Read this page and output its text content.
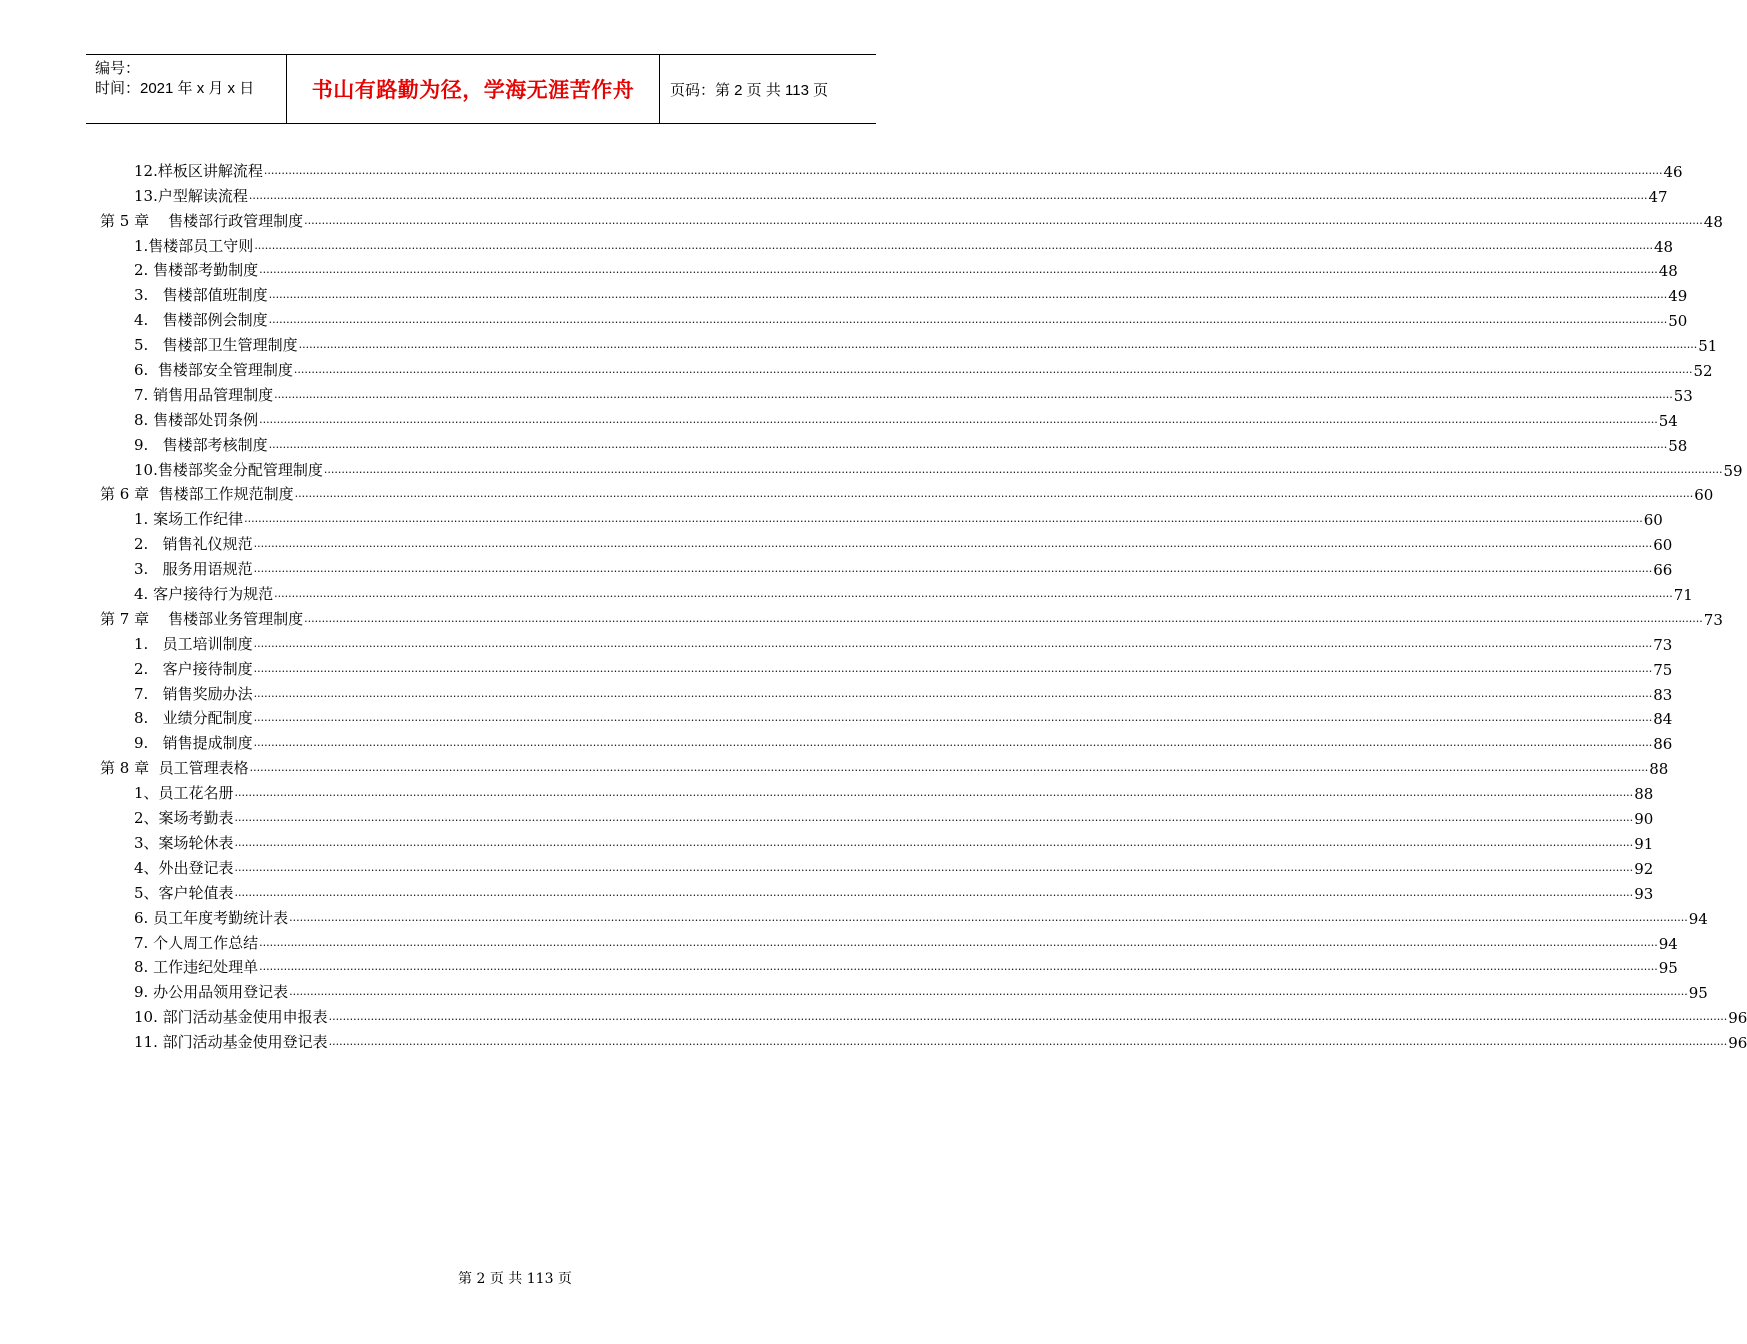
编号：
时间：2021 年 x 月 x 日	书山有路勤为径，学海无涯苦作舟	页码：第 2 页 共 113 页
12.样板区讲解流程 ................................................................................................................................................................................................................................................................................................................................................................................................................ 46
13.户型解读流程 ................................................................................................................................................................................................................................................................................................................................................................................................................ 47
第 5 章    售楼部行政管理制度 ................................................................................................................................................................................................................................................................................................................................................................................................................ 48
1.售楼部员工守则 ................................................................................................................................................................................................................................................................................................................................................................................................................ 48
2. 售楼部考勤制度 ................................................................................................................................................................................................................................................................................................................................................................................................................ 48
3.   售楼部值班制度 ................................................................................................................................................................................................................................................................................................................................................................................................................ 49
4.   售楼部例会制度 ................................................................................................................................................................................................................................................................................................................................................................................................................ 50
5.   售楼部卫生管理制度 ................................................................................................................................................................................................................................................................................................................................................................................................................ 51
6.  售楼部安全管理制度 ................................................................................................................................................................................................................................................................................................................................................................................................................ 52
7. 销售用品管理制度 ................................................................................................................................................................................................................................................................................................................................................................................................................ 53
8. 售楼部处罚条例 ................................................................................................................................................................................................................................................................................................................................................................................................................ 54
9.   售楼部考核制度 ................................................................................................................................................................................................................................................................................................................................................................................................................ 58
10.售楼部奖金分配管理制度 ................................................................................................................................................................................................................................................................................................................................................................................................................ 59
第 6 章  售楼部工作规范制度 ................................................................................................................................................................................................................................................................................................................................................................................................................ 60
1. 案场工作纪律 ................................................................................................................................................................................................................................................................................................................................................................................................................ 60
2.   销售礼仪规范 ................................................................................................................................................................................................................................................................................................................................................................................................................ 60
3.   服务用语规范 ................................................................................................................................................................................................................................................................................................................................................................................................................ 66
4. 客户接待行为规范 ................................................................................................................................................................................................................................................................................................................................................................................................................ 71
第 7 章    售楼部业务管理制度 ................................................................................................................................................................................................................................................................................................................................................................................................................ 73
1.   员工培训制度 ................................................................................................................................................................................................................................................................................................................................................................................................................ 73
2.   客户接待制度 ................................................................................................................................................................................................................................................................................................................................................................................................................ 75
7.   销售奖励办法 ................................................................................................................................................................................................................................................................................................................................................................................................................ 83
8.   业绩分配制度 ................................................................................................................................................................................................................................................................................................................................................................................................................ 84
9.   销售提成制度 ................................................................................................................................................................................................................................................................................................................................................................................................................ 86
第 8 章  员工管理表格 ................................................................................................................................................................................................................................................................................................................................................................................................................ 88
1、员工花名册 ................................................................................................................................................................................................................................................................................................................................................................................................................ 88
2、案场考勤表 ................................................................................................................................................................................................................................................................................................................................................................................................................ 90
3、案场轮休表 ................................................................................................................................................................................................................................................................................................................................................................................................................ 91
4、外出登记表 ................................................................................................................................................................................................................................................................................................................................................................................................................ 92
5、客户轮值表 ................................................................................................................................................................................................................................................................................................................................................................................................................ 93
6. 员工年度考勤统计表 ................................................................................................................................................................................................................................................................................................................................................................................................................ 94
7. 个人周工作总结 ................................................................................................................................................................................................................................................................................................................................................................................................................ 94
8. 工作违纪处理单 ................................................................................................................................................................................................................................................................................................................................................................................................................ 95
9. 办公用品领用登记表 ................................................................................................................................................................................................................................................................................................................................................................................................................ 95
10. 部门活动基金使用申报表 ................................................................................................................................................................................................................................................................................................................................................................................................................ 96
11. 部门活动基金使用登记表 ................................................................................................................................................................................................................................................................................................................................................................................................................ 96
第 2 页 共 113 页
